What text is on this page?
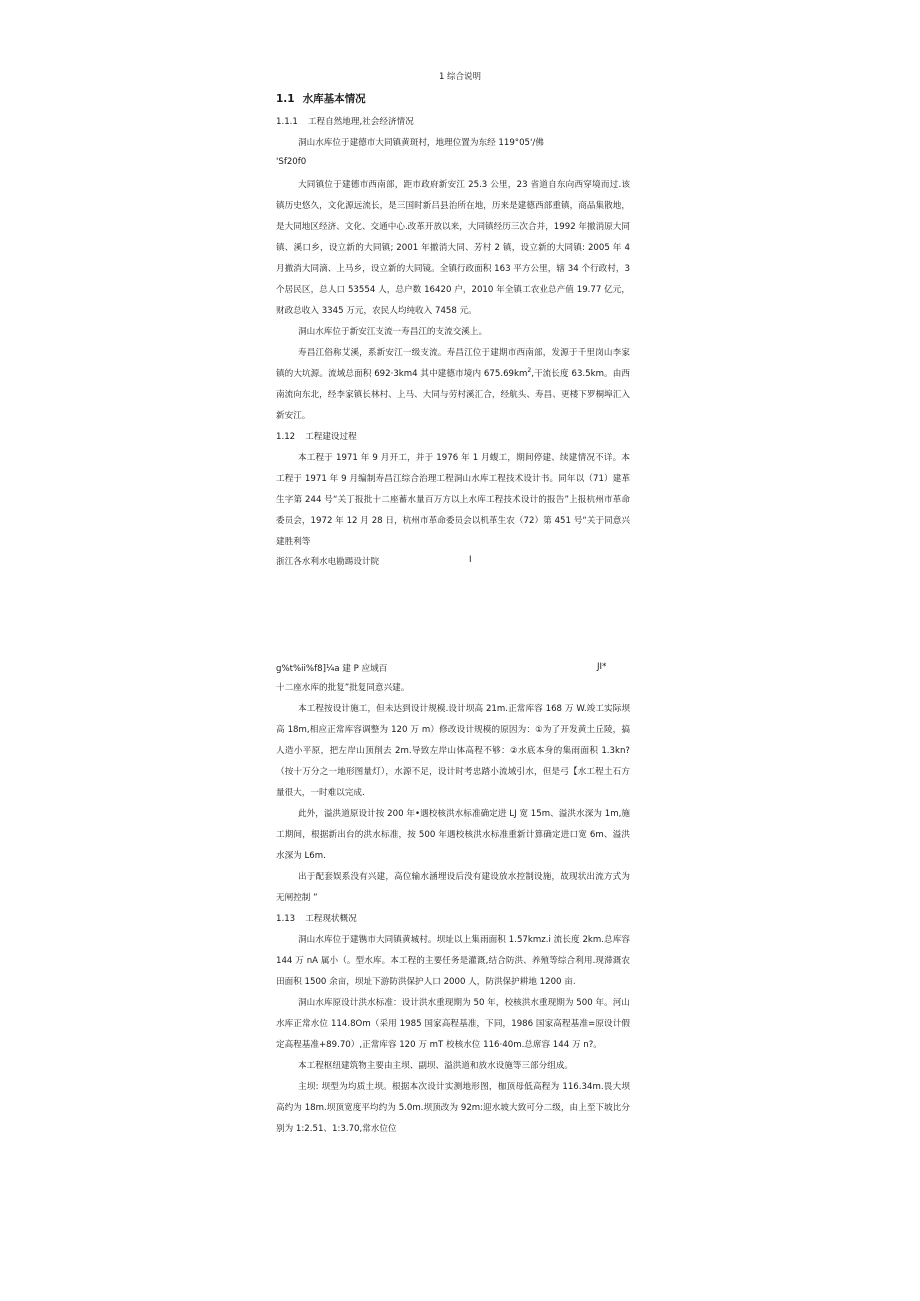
1 综合说明
1.1 水库基本情况
1.1.1 工程自然地理,社会经济情况

洞山水库位于建德市大同镇黄斑村，地理位置为东经 119°05'/佛

'Sf20f0

大同镇位于建德市西南部，距市政府新安江 25.3 公里，23 省道自东向西穿境而过.该镇历史悠久，文化源远流长，是三国时新吕县治所在地，历来是建德西部重镇，商品集散地，是大同地区经济、文化、交通中心.改革开放以来，大同镇经历三次合并，1992 年撤消原大同镇、溪口乡，设立新的大同镇; 2001 年撤消大同、芳村 2 镇，设立新的大同镇: 2005 年 4 月撤消大同滴、上马乡，设立新的大同镜。全镇行政面积 163 平方公里，辖 34 个行政村，3 个居民区，总人口 53554 人，总户数 16420 户，2010 年全镇工农业总产值 19.77 亿元，财政总收入 3345 万元，农民人均纯收入 7458 元。

洞山水库位于新安江支流一寿昌江的支流交溪上。

寿昌江俗称艾溪，系新安江一级支流。寿昌江位于建期市西南部，发源于千里岗山李家镇的大坑源。流域总面积 692·3km4 其中建德市境内 $675.69km^2$,干流长度 63.5km。由西南流向东北，经李家镇长林村、上马、大同与劳村溪汇合，经航头、寿昌、更楼下罗桐埠汇入新安江。

1.12 工程建设过程

本工程于 1971 年 9 月开工，并于 1976 年 1 月蝮工，期间停建、续建情况不详。本工程于 1971 年 9 月编制寿昌江综合治理工程洞山水库工程技术设计书。同年以（71）建革生字第 244 号“关丁报批十二座蓄水量百万方以上水库工程技术设计的报告”上报杭州市革命委员会，1972 年 12 月 28 日，杭州市革命委员会以机革生农（72）第 451 号“关于同意兴建胜利等

浙江各水利水电勘踢设计院	I
g%t%ii%f8]¼a 建 P 应域百	JI*

十二座水库的批复”批复同意兴建。

本工程按设计施工，但未达到设计规模.设计坝高 21m.正常库容 168 万 W.竣工实际坝高 18m,相应正常库容调整为 120 万 m）修改设计规模的原因为：①为了开发黄土丘陵，搞人造小平原，把左岸山顶削去 2m.导致左岸山体高程不够：②水底本身的集雨面积 1.3kn?（按十万分之一地形图量灯），水源不足，设计时考忠踏小流域引水，但是弓【水工程土石方量很大，一时难以完成.

此外，溢洪道原设计按 200 年•遇校核洪水标准确定进 LJ 宽 15m、溢洪水深为 1m,施工期间，根据新出台的洪水标准，按 500 年遇校核洪水标准重新计算确定进口宽 6m、溢洪水深为 L6m.

出于配套娱系没有兴建，高位输水涵埋设后没有建设放水控制设施，故现状出流方式为无闸控制 ”

1.13 工程现状概况

洞山水库位于建镌市大同镇黄城村。坝址以上集雨面积 1.57kmz.i 流长度 2km.总库容 144 万 nA 属小（。型水库。本工程的主要任务是灌溉,结合防洪、养殖等综合利用.现滞溉农田面积 1500 余亩，坝址下游防洪保护人口 2000 人，防洪保护耕地 1200 亩.

洞山水库原设计洪水标准：设计洪水重现期为 50 年，校核洪水重现期为 500 年。河山水库正常水位 114.8Om（采用 1985 国家高程基准，下同，1986 国家高程基准=原设计假定高程基准+89.70）,正常库容 120 万 mT 校核水位 116·40m.总席容 144 万 n?。

本工程枢纽建筑物主要由主坝、副坝、溢洪道和放水设施等三部分组成。

主坝: 坝型为均质土坝。根据本次设计实测地形图，枷顶母低高程为 116.34m.畏大坝高约为 18m.坝顶宽度平均约为 5.0m.坝顶改为 92m:迎水坡大致可分二级，由上至下坡比分别为 1:2.51、1:3.70,常水位位
